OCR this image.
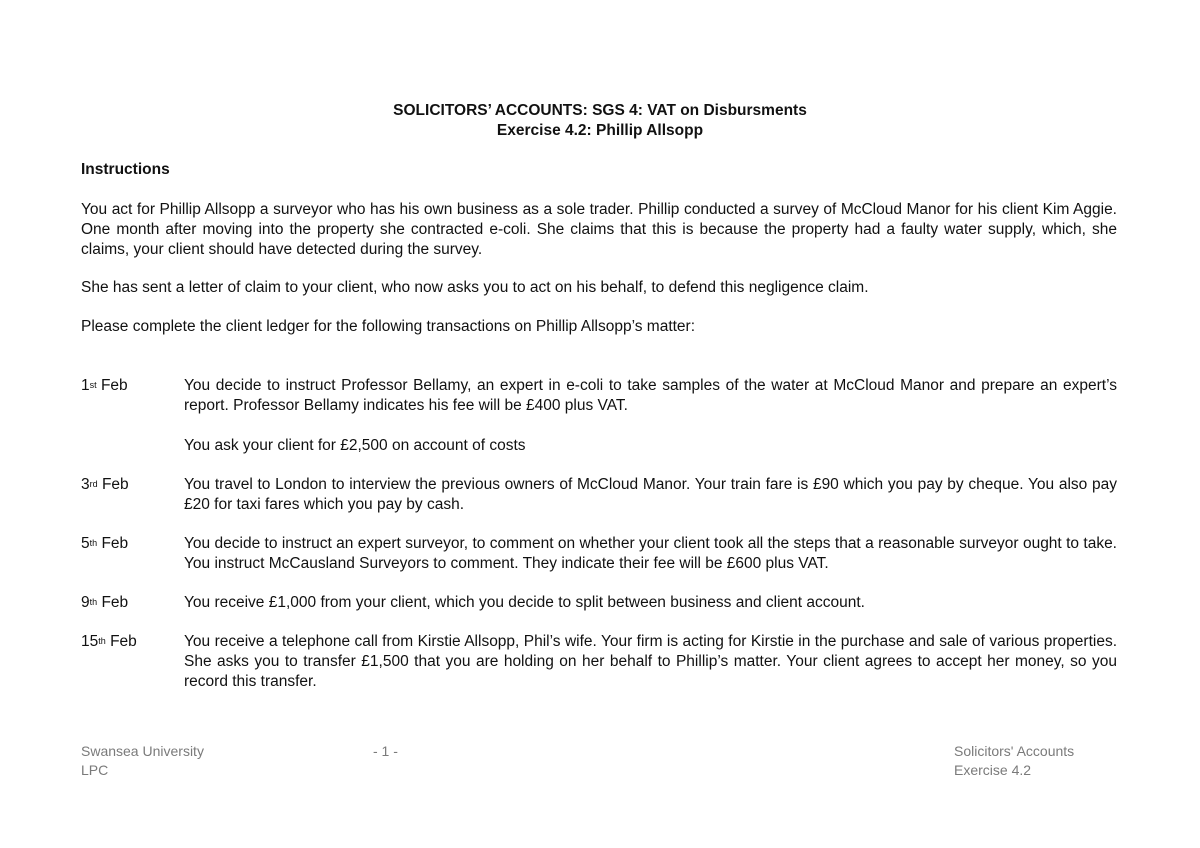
SOLICITORS’ ACCOUNTS: SGS 4: VAT on Disbursments
Exercise 4.2: Phillip Allsopp
Instructions
You act for Phillip Allsopp a surveyor who has his own business as a sole trader. Phillip conducted a survey of McCloud Manor for his client Kim Aggie. One month after moving into the property she contracted e-coli. She claims that this is because the property had a faulty water supply, which, she claims, your client should have detected during the survey.
She has sent a letter of claim to your client, who now asks you to act on his behalf, to defend this negligence claim.
Please complete the client ledger for the following transactions on Phillip Allsopp’s matter:
1st Feb	You decide to instruct Professor Bellamy, an expert in e-coli to take samples of the water at McCloud Manor and prepare an expert’s report. Professor Bellamy indicates his fee will be £400 plus VAT.
You ask your client for £2,500 on account of costs
3rd Feb	You travel to London to interview the previous owners of McCloud Manor. Your train fare is £90 which you pay by cheque. You also pay £20 for taxi fares which you pay by cash.
5th Feb	You decide to instruct an expert surveyor, to comment on whether your client took all the steps that a reasonable surveyor ought to take. You instruct McCausland Surveyors to comment. They indicate their fee will be £600 plus VAT.
9th Feb	You receive £1,000 from your client, which you decide to split between business and client account.
15th Feb	You receive a telephone call from Kirstie Allsopp, Phil’s wife. Your firm is acting for Kirstie in the purchase and sale of various properties. She asks you to transfer £1,500 that you are holding on her behalf to Phillip’s matter. Your client agrees to accept her money, so you record this transfer.
Swansea University
LPC
- 1 -	Solicitors' Accounts
Exercise 4.2
